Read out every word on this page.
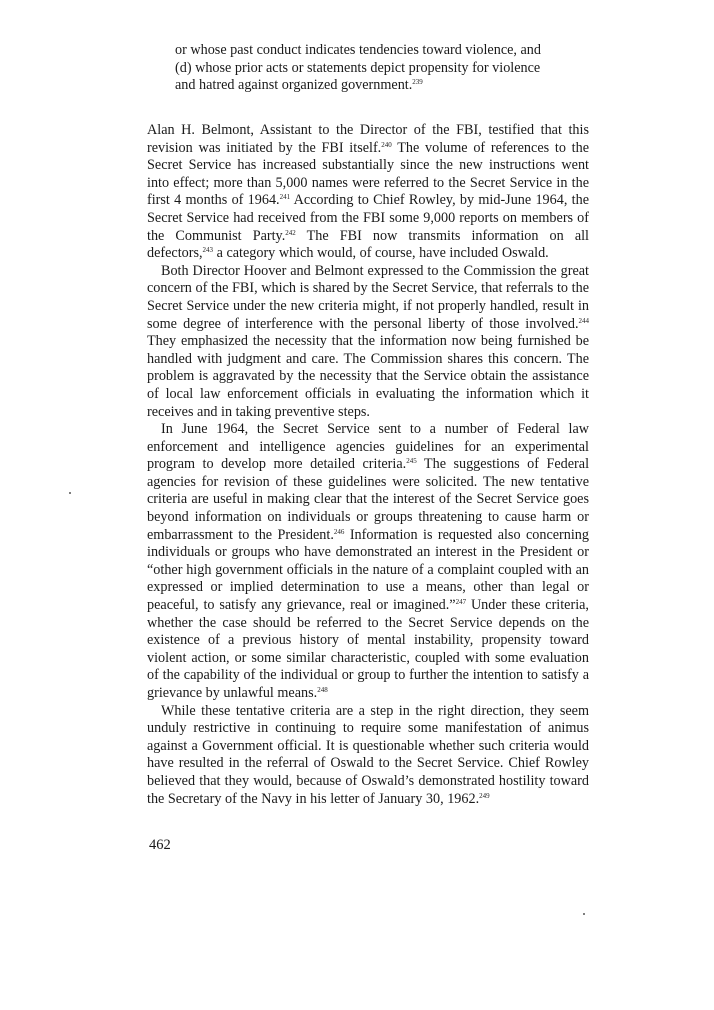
or whose past conduct indicates tendencies toward violence, and
(d) whose prior acts or statements depict propensity for violence
and hatred against organized government.$^{239}$

Alan H. Belmont, Assistant to the Director of the FBI, testified that this revision was initiated by the FBI itself.$^{240}$ The volume of references to the Secret Service has increased substantially since the new instructions went into effect; more than 5,000 names were referred to the Secret Service in the first 4 months of 1964.$^{241}$ According to Chief Rowley, by mid-June 1964, the Secret Service had received from the FBI some 9,000 reports on members of the Communist Party.$^{242}$ The FBI now transmits information on all defectors,$^{243}$ a category which would, of course, have included Oswald.

Both Director Hoover and Belmont expressed to the Commission the great concern of the FBI, which is shared by the Secret Service, that referrals to the Secret Service under the new criteria might, if not properly handled, result in some degree of interference with the personal liberty of those involved.$^{244}$ They emphasized the necessity that the information now being furnished be handled with judgment and care. The Commission shares this concern. The problem is aggravated by the necessity that the Service obtain the assistance of local law enforcement officials in evaluating the information which it receives and in taking preventive steps.

In June 1964, the Secret Service sent to a number of Federal law enforcement and intelligence agencies guidelines for an experimental program to develop more detailed criteria.$^{245}$ The suggestions of Federal agencies for revision of these guidelines were solicited. The new tentative criteria are useful in making clear that the interest of the Secret Service goes beyond information on individuals or groups threatening to cause harm or embarrassment to the President.$^{246}$ Information is requested also concerning individuals or groups who have demonstrated an interest in the President or “other high government officials in the nature of a complaint coupled with an expressed or implied determination to use a means, other than legal or peaceful, to satisfy any grievance, real or imagined.”$^{247}$ Under these criteria, whether the case should be referred to the Secret Service depends on the existence of a previous history of mental instability, propensity toward violent action, or some similar characteristic, coupled with some evaluation of the capability of the individual or group to further the intention to satisfy a grievance by unlawful means.$^{248}$

While these tentative criteria are a step in the right direction, they seem unduly restrictive in continuing to require some manifestation of animus against a Government official. It is questionable whether such criteria would have resulted in the referral of Oswald to the Secret Service. Chief Rowley believed that they would, because of Oswald’s demonstrated hostility toward the Secretary of the Navy in his letter of January 30, 1962.$^{249}$

462
